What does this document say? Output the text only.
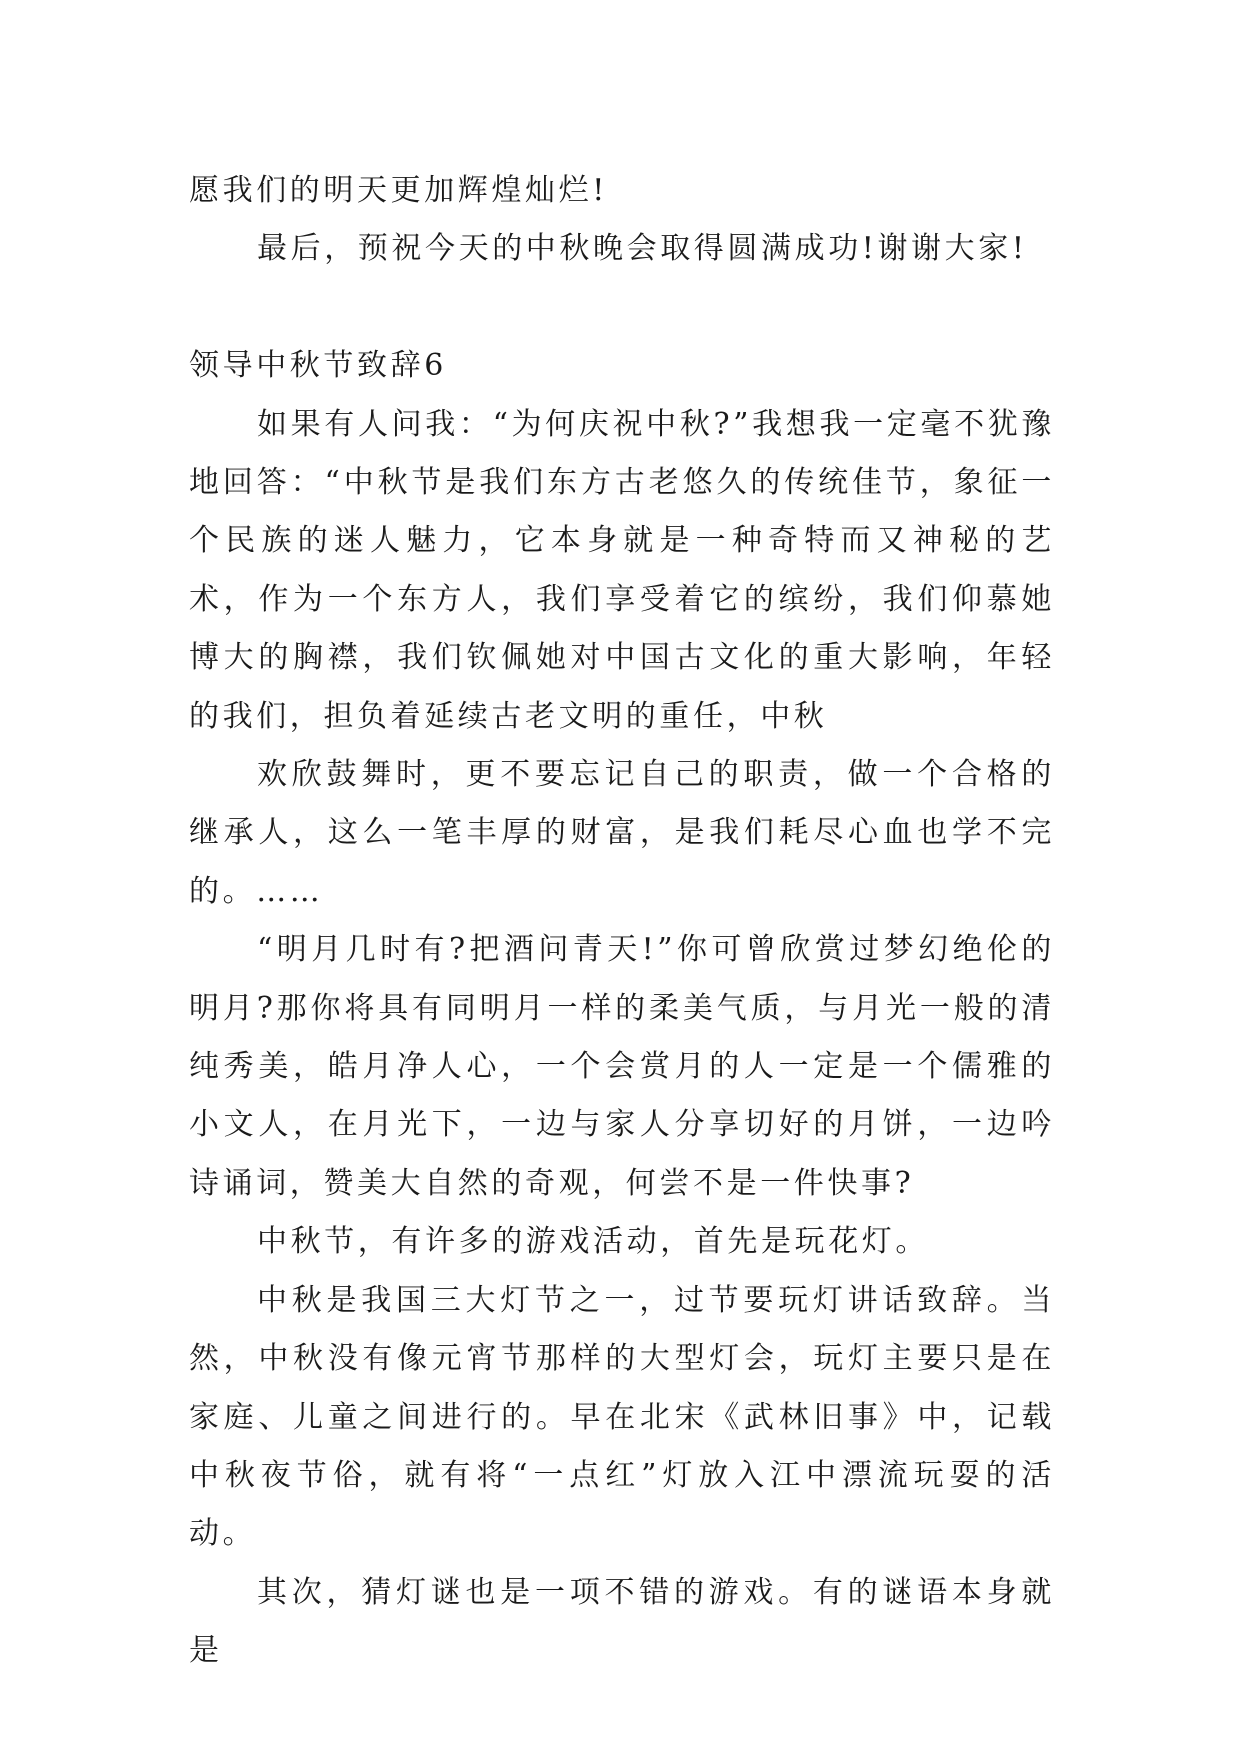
愿我们的明天更加辉煌灿烂!

最后，预祝今天的中秋晚会取得圆满成功!谢谢大家!

领导中秋节致辞6

如果有人问我：“为何庆祝中秋?”我想我一定毫不犹豫地回答：“中秋节是我们东方古老悠久的传统佳节，象征一个民族的迷人魅力，它本身就是一种奇特而又神秘的艺术，作为一个东方人，我们享受着它的缤纷，我们仰慕她博大的胸襟，我们钦佩她对中国古文化的重大影响，年轻的我们，担负着延续古老文明的重任，中秋

欢欣鼓舞时，更不要忘记自己的职责，做一个合格的继承人，这么一笔丰厚的财富，是我们耗尽心血也学不完的。……

“明月几时有?把酒问青天!”你可曾欣赏过梦幻绝伦的明月?那你将具有同明月一样的柔美气质，与月光一般的清纯秀美，皓月净人心，一个会赏月的人一定是一个儒雅的小文人，在月光下，一边与家人分享切好的月饼，一边吟诗诵词，赞美大自然的奇观，何尝不是一件快事?

中秋节，有许多的游戏活动，首先是玩花灯。

中秋是我国三大灯节之一，过节要玩灯讲话致辞。当然，中秋没有像元宵节那样的大型灯会，玩灯主要只是在家庭、儿童之间进行的。早在北宋《武林旧事》中，记载中秋夜节俗，就有将“一点红”灯放入江中漂流玩耍的活动。

其次，猜灯谜也是一项不错的游戏。有的谜语本身就是
